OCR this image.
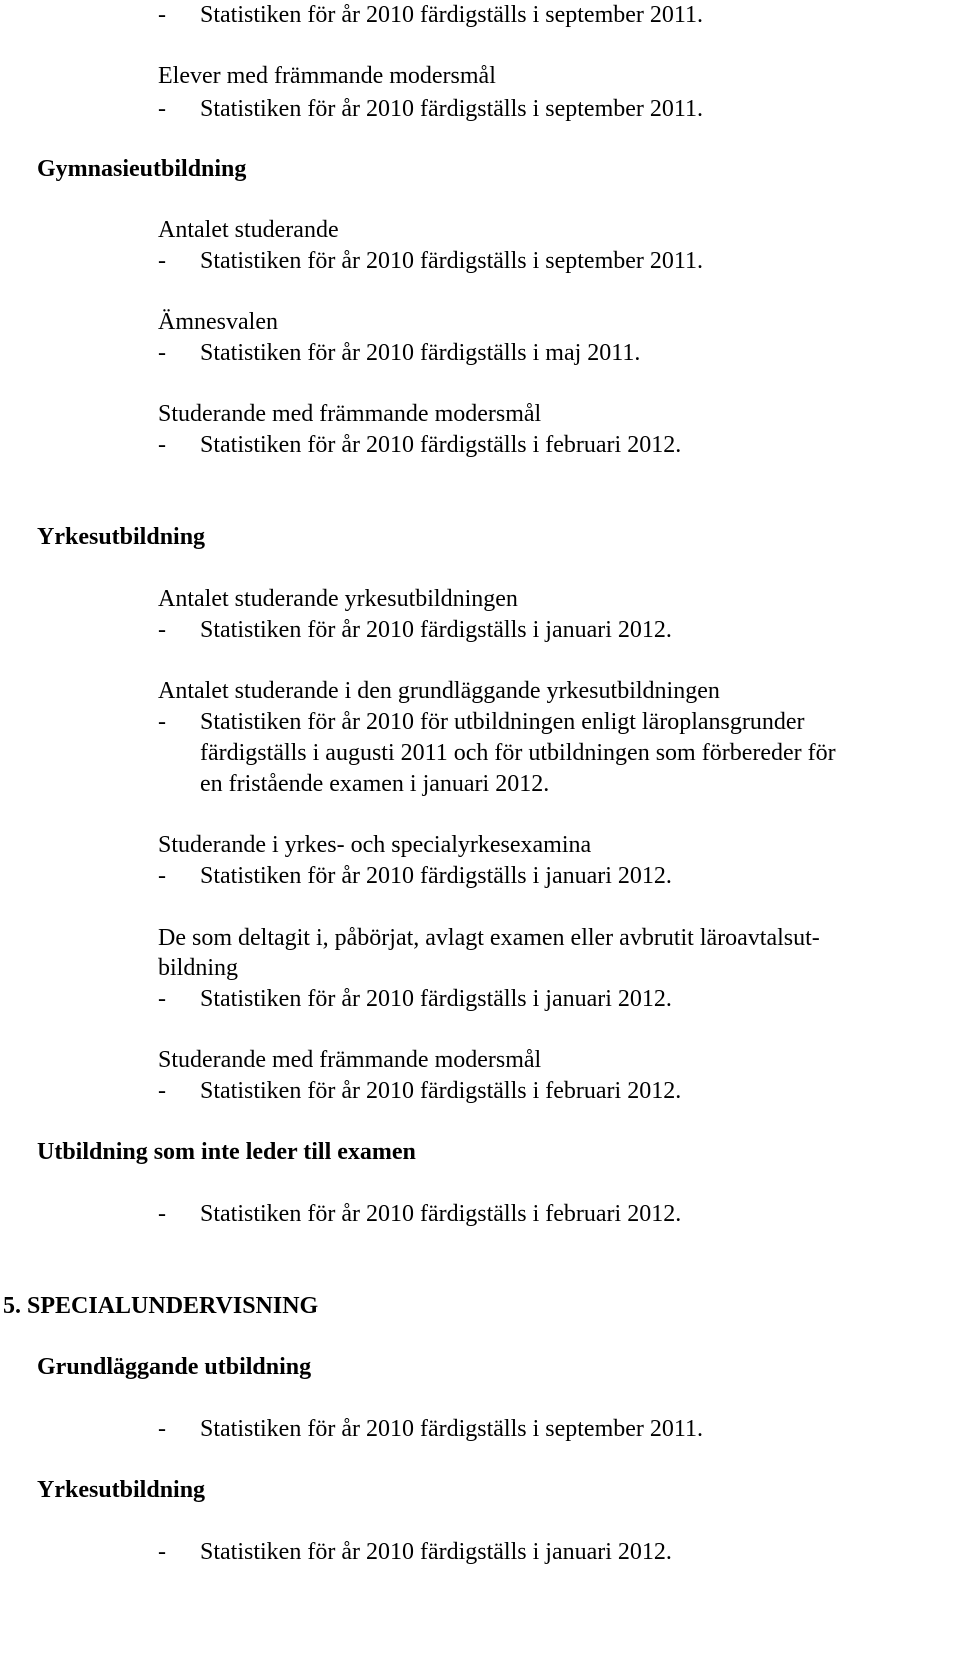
- Statistiken för år 2010 färdigställs i september 2011.
Elever med främmande modersmål
- Statistiken för år 2010 färdigställs i september 2011.
Gymnasieutbildning
Antalet studerande
- Statistiken för år 2010 färdigställs i september 2011.
Ämnesvalen
- Statistiken för år 2010 färdigställs i maj 2011.
Studerande med främmande modersmål
- Statistiken för år 2010 färdigställs i februari 2012.
Yrkesutbildning
Antalet studerande yrkesutbildningen
- Statistiken för år 2010 färdigställs i januari 2012.
Antalet studerande i den grundläggande yrkesutbildningen
- Statistiken för år 2010 för utbildningen enligt läroplansgrunder
färdigställs i augusti 2011 och för utbildningen som förbereder för
en fristående examen i januari 2012.
Studerande i yrkes- och specialyrkesexamina
- Statistiken för år 2010 färdigställs i januari 2012.
De som deltagit i, påbörjat, avlagt examen eller avbrutit läroavtalsut-
bildning
- Statistiken för år 2010 färdigställs i januari 2012.
Studerande med främmande modersmål
- Statistiken för år 2010 färdigställs i februari 2012.
Utbildning som inte leder till examen
- Statistiken för år 2010 färdigställs i februari 2012.
5. SPECIALUNDERVISNING
Grundläggande utbildning
- Statistiken för år 2010 färdigställs i september 2011.
Yrkesutbildning
- Statistiken för år 2010 färdigställs i januari 2012.
